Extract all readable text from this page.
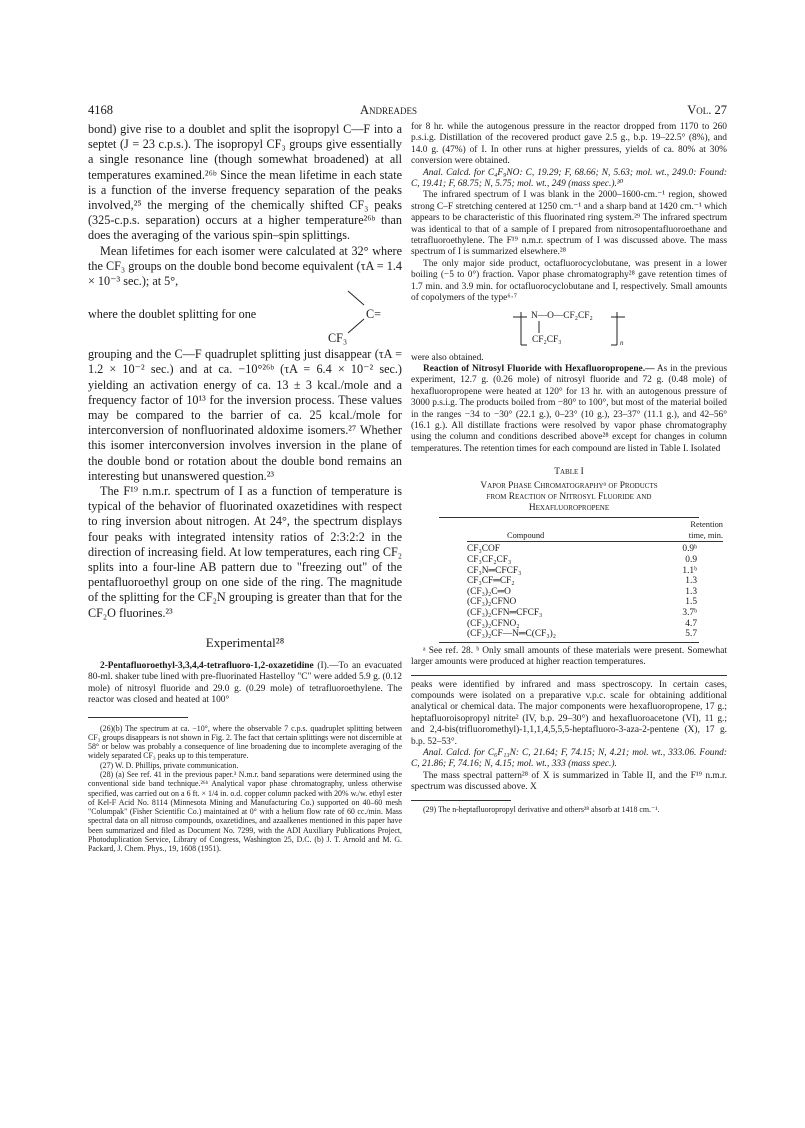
4168	Andreades	Vol. 27

bond) give rise to a doublet and split the isopropyl C—F into a septet (J = 23 c.p.s.). The isopropyl CF₃ groups give essentially a single resonance line (though somewhat broadened) at all temperatures examined.²⁶ᵇ Since the mean lifetime in each state is a function of the inverse frequency separation of the peaks involved,²⁵ the merging of the chemically shifted CF₃ peaks (325-c.p.s. separation) occurs at a higher temperature²⁶ᵇ than does the averaging of the various spin–spin splittings.

Mean lifetimes for each isomer were calculated at 32° where the CF₃ groups on the double bond become equivalent (τA = 1.4 × 10⁻³ sec.); at 5°,

where the doublet splitting for one	C=
CF₃

grouping and the C—F quadruplet splitting just disappear (τA = 1.2 × 10⁻² sec.) and at ca. −10°²⁶ᵇ (τA = 6.4 × 10⁻² sec.) yielding an activation energy of ca. 13 ± 3 kcal./mole and a frequency factor of 10¹³ for the inversion process. These values may be compared to the barrier of ca. 25 kcal./mole for interconversion of nonfluorinated aldoxime isomers.²⁷ Whether this isomer interconversion involves inversion in the plane of the double bond or rotation about the double bond remains an interesting but unanswered question.²³

The F¹⁹ n.m.r. spectrum of I as a function of temperature is typical of the behavior of fluorinated oxazetidines with respect to ring inversion about nitrogen. At 24°, the spectrum displays four peaks with integrated intensity ratios of 2:3:2:2 in the direction of increasing field. At low temperatures, each ring CF₂ splits into a four-line AB pattern due to "freezing out" of the pentafluoroethyl group on one side of the ring. The magnitude of the splitting for the CF₂N grouping is greater than that for the CF₂O fluorines.²³

Experimental²⁸

2-Pentafluoroethyl-3,3,4,4-tetrafluoro-1,2-oxazetidine (I).—To an evacuated 80-ml. shaker tube lined with pre-fluorinated Hastelloy "C" were added 5.9 g. (0.12 mole) of nitrosyl fluoride and 29.0 g. (0.29 mole) of tetrafluoroethylene. The reactor was closed and heated at 100°

(26)(b) The spectrum at ca. −10°, where the observable 7 c.p.s. quadruplet splitting between CF₃ groups disappears is not shown in Fig. 2. The fact that certain splittings were not discernible at 58° or below was probably a consequence of line broadening due to incomplete averaging of the widely separated CF₃ peaks up to this temperature.

(27) W. D. Phillips, private communication.

(28) (a) See ref. 41 in the previous paper.³ N.m.r. band separations were determined using the conventional side band technique.²⁶ᵇ Analytical vapor phase chromatography, unless otherwise specified, was carried out on a 6 ft. × 1/4 in. o.d. copper column packed with 20% w./w. ethyl ester of Kel-F Acid No. 8114 (Minnesota Mining and Manufacturing Co.) supported on 40–60 mesh "Columpak" (Fisher Scientific Co.) maintained at 0° with a helium flow rate of 60 cc./min. Mass spectral data on all nitroso compounds, oxazetidines, and azaalkenes mentioned in this paper have been summarized and filed as Document No. 7299, with the ADI Auxiliary Publications Project, Photoduplication Service, Library of Congress, Washington 25, D.C. (b) J. T. Arnold and M. G. Packard, J. Chem. Phys., 19, 1608 (1951).

for 8 hr. while the autogenous pressure in the reactor dropped from 1170 to 260 p.s.i.g. Distillation of the recovered product gave 2.5 g., b.p. 19–22.5° (8%), and 14.0 g. (47%) of I. In other runs at higher pressures, yields of ca. 80% at 30% conversion were obtained.

Anal. Calcd. for C₄F₉NO: C, 19.29; F, 68.66; N, 5.63; mol. wt., 249.0: Found: C, 19.41; F, 68.75; N, 5.75; mol. wt., 249 (mass spec.).³⁰

The infrared spectrum of I was blank in the 2000–1600-cm.⁻¹ region, showed strong C–F stretching centered at 1250 cm.⁻¹ and a sharp band at 1420 cm.⁻¹ which appears to be characteristic of this fluorinated ring system.²⁹ The infrared spectrum was identical to that of a sample of I prepared from nitrosopentafluoroethane and tetrafluoroethylene. The F¹⁹ n.m.r. spectrum of I was discussed above. The mass spectrum of I is summarized elsewhere.²⁸

The only major side product, octafluorocyclobutane, was present in a lower boiling (−5 to 0°) fraction. Vapor phase chromatography²⁸ gave retention times of 1.7 min. and 3.9 min. for octafluorocyclobutane and I, respectively. Small amounts of copolymers of the type⁶·⁷

N—O—CF₂CF₂
CF₂CF₃	n

were also obtained.

Reaction of Nitrosyl Fluoride with Hexafluoropropene.— As in the previous experiment, 12.7 g. (0.26 mole) of nitrosyl fluoride and 72 g. (0.48 mole) of hexafluoropropene were heated at 120° for 13 hr. with an autogenous pressure of 3000 p.s.i.g. The products boiled from −80° to 100°, but most of the material boiled in the ranges −34 to −30° (22.1 g.), 0–23° (10 g.), 23–37° (11.1 g.), and 42–56° (16.1 g.). All distillate fractions were resolved by vapor phase chromatography using the column and conditions described above²⁸ except for changes in column temperatures. The retention times for each compound are listed in Table I. Isolated

Table I
Vapor Phase Chromatographyᵃ of Products
from Reaction of Nitrosyl Fluoride and
Hexafluoropropene
	Retention
Compound	time, min.

CF₃COF	0.9ᵇ
CF₃CF₂CF₃	0.9
CF₃N═CFCF₃	1.1ᵇ
CF₃CF═CF₂	1.3
(CF₃)₂C═O	1.3
(CF₃)₂CFNO	1.5
(CF₃)₂CFN═CFCF₃	3.7ᵇ
(CF₃)₂CFNO₂	4.7
(CF₃)₂CF—N═C(CF₃)₂	5.7

ᵃ See ref. 28. ᵇ Only small amounts of these materials were present. Somewhat larger amounts were produced at higher reaction temperatures.

peaks were identified by infrared and mass spectroscopy. In certain cases, compounds were isolated on a preparative v.p.c. scale for obtaining additional analytical or chemical data. The major components were hexafluoropropene, 17 g.; heptafluoroisopropyl nitrite² (IV, b.p. 29–30°) and hexafluoroacetone (VI), 11 g.; and 2,4-bis(trifluoromethyl)-1,1,1,4,5,5,5-heptafluoro-3-aza-2-pentene (X), 17 g. b.p. 52–53°.

Anal. Calcd. for C₆F₁₃N: C, 21.64; F, 74.15; N, 4.21; mol. wt., 333.06. Found: C, 21.86; F, 74.16; N, 4.15; mol. wt., 333 (mass spec.).

The mass spectral pattern²⁸ of X is summarized in Table II, and the F¹⁹ n.m.r. spectrum was discussed above. X

(29) The n-heptafluoropropyl derivative and others²⁸ absorb at 1418 cm.⁻¹.
